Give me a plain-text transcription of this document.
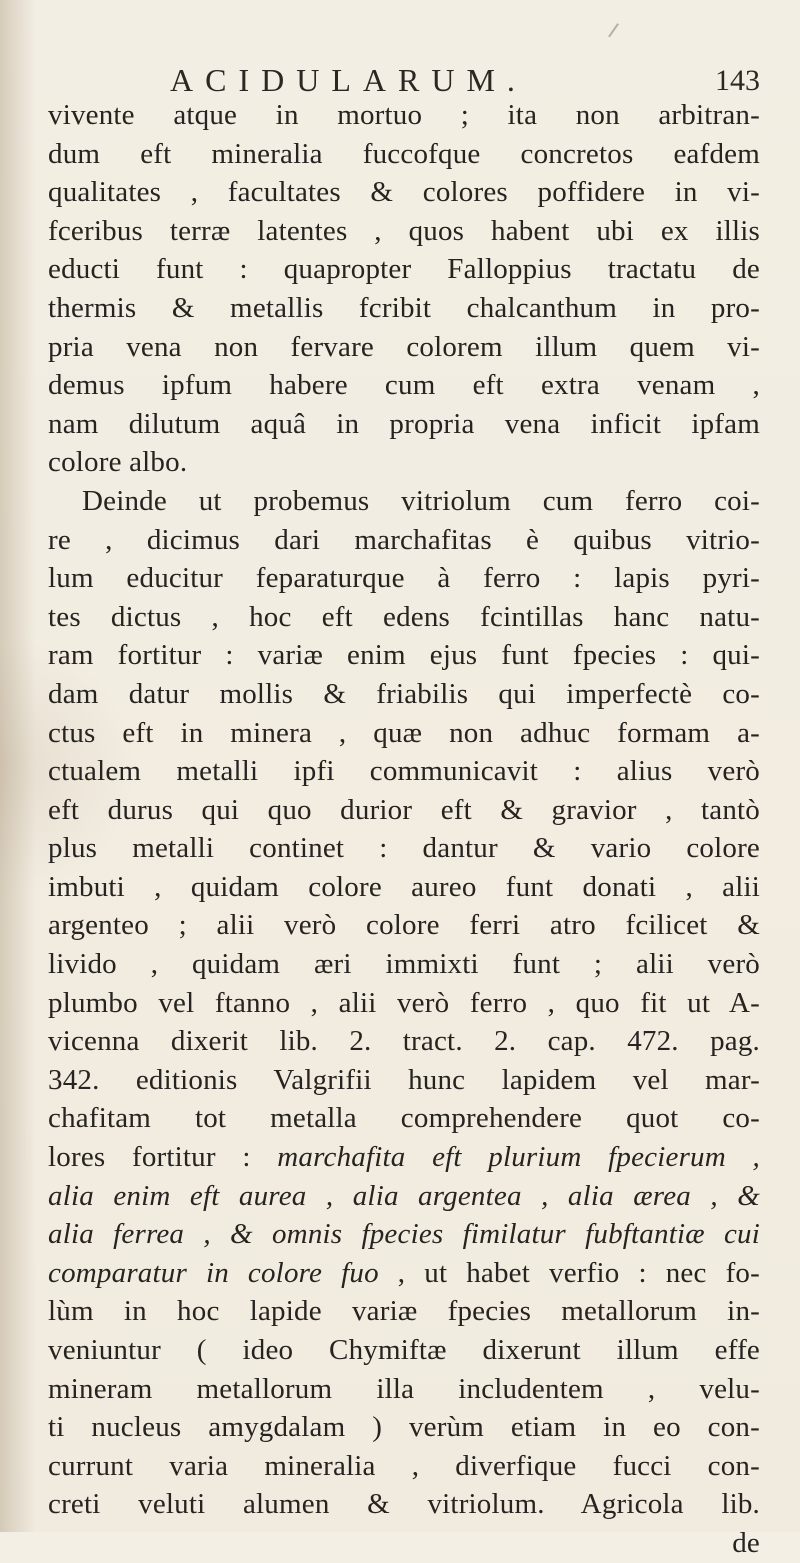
ACIDULARUM.	143
vivente atque in mortuo ; ita non arbitran-
dum eft mineralia fuccofque concretos eafdem
qualitates , facultates & colores poffidere in vi-
fceribus terræ latentes , quos habent ubi ex illis
educti funt : quapropter Falloppius tractatu de
thermis & metallis fcribit chalcanthum in pro-
pria vena non fervare colorem illum quem vi-
demus ipfum habere cum eft extra venam ,
nam dilutum aquâ in propria vena inficit ipfam
colore albo.
Deinde ut probemus vitriolum cum ferro coi-
re , dicimus dari marchafitas è quibus vitrio-
lum educitur feparaturque à ferro : lapis pyri-
tes dictus , hoc eft edens fcintillas hanc natu-
ram fortitur : variæ enim ejus funt fpecies : qui-
dam datur mollis & friabilis qui imperfectè co-
ctus eft in minera , quæ non adhuc formam a-
ctualem metalli ipfi communicavit : alius verò
eft durus qui quo durior eft & gravior , tantò
plus metalli continet : dantur & vario colore
imbuti , quidam colore aureo funt donati , alii
argenteo ; alii verò colore ferri atro fcilicet &
livido , quidam æri immixti funt ; alii verò
plumbo vel ftanno , alii verò ferro , quo fit ut A-
vicenna dixerit lib. 2. tract. 2. cap. 472. pag.
342. editionis Valgrifii hunc lapidem vel mar-
chafitam tot metalla comprehendere quot co-
lores fortitur : marchafita eft plurium fpecierum ,
alia enim eft aurea , alia argentea , alia ærea , &
alia ferrea , & omnis fpecies fimilatur fubftantiæ cui
comparatur in colore fuo , ut habet verfio : nec fo-
lùm in hoc lapide variæ fpecies metallorum in-
veniuntur ( ideo Chymiftæ dixerunt illum effe
mineram metallorum illa includentem , velu-
ti nucleus amygdalam ) verùm etiam in eo con-
currunt varia mineralia , diverfique fucci con-
creti veluti alumen & vitriolum. Agricola lib.
de
